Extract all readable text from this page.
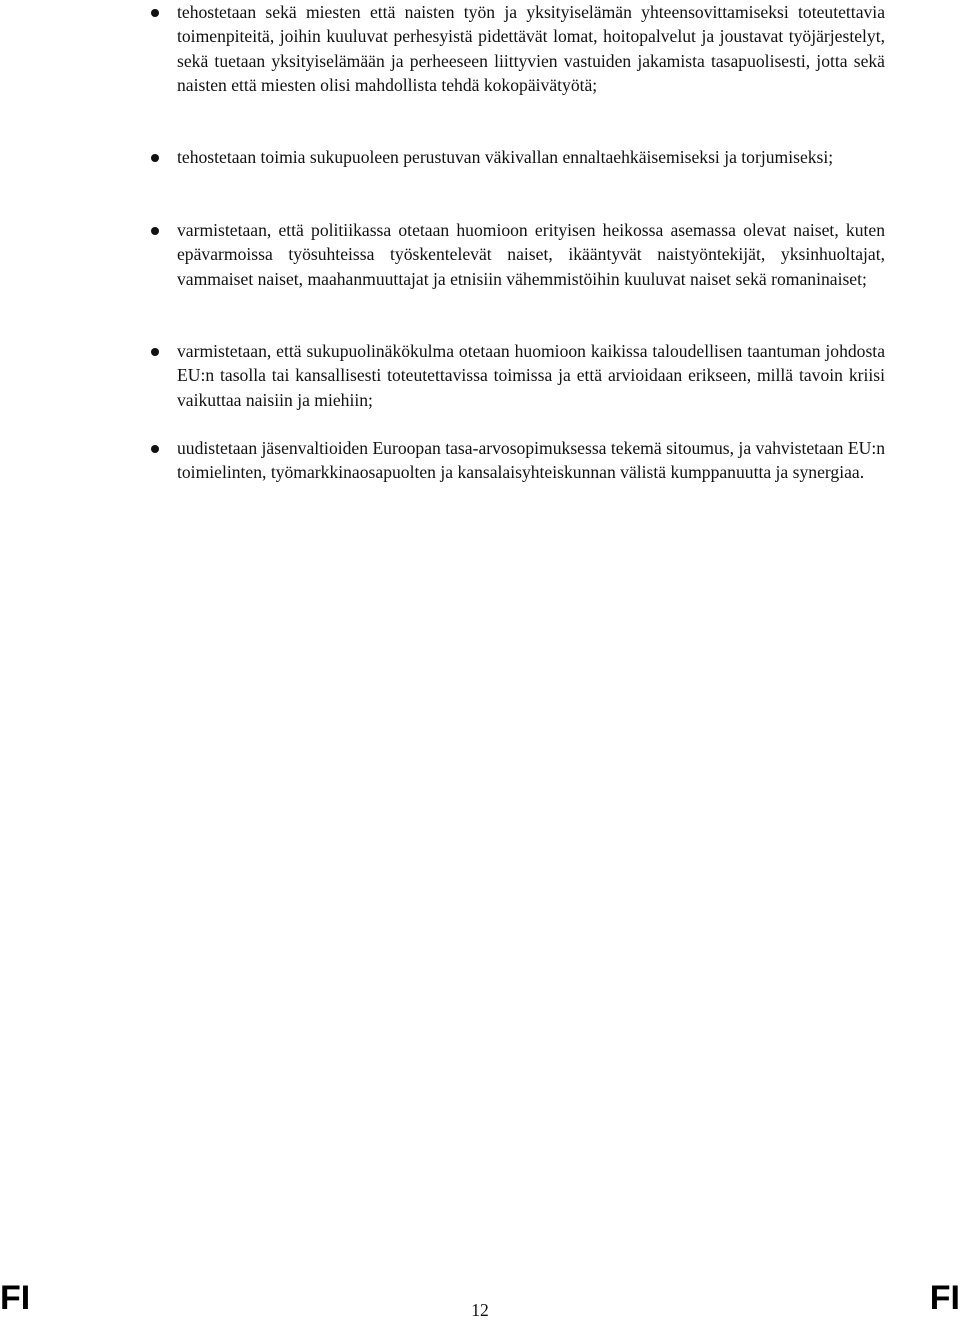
tehostetaan sekä miesten että naisten työn ja yksityiselämän yhteensovittamiseksi toteutettavia toimenpiteitä, joihin kuuluvat perhesyistä pidettävät lomat, hoitopalvelut ja joustavat työjärjestelyt, sekä tuetaan yksityiselämään ja perheeseen liittyvien vastuiden jakamista tasapuolisesti, jotta sekä naisten että miesten olisi mahdollista tehdä kokopäivätyötä;

tehostetaan toimia sukupuoleen perustuvan väkivallan ennaltaehkäisemiseksi ja torjumiseksi;

varmistetaan, että politiikassa otetaan huomioon erityisen heikossa asemassa olevat naiset, kuten epävarmoissa työsuhteissa työskentelevät naiset, ikääntyvät naistyöntekijät, yksinhuoltajat, vammaiset naiset, maahanmuuttajat ja etnisiin vähemmistöihin kuuluvat naiset sekä romaninaiset;

varmistetaan, että sukupuolinäkökulma otetaan huomioon kaikissa taloudellisen taantuman johdosta EU:n tasolla tai kansallisesti toteutettavissa toimissa ja että arvioidaan erikseen, millä tavoin kriisi vaikuttaa naisiin ja miehiin;

uudistetaan jäsenvaltioiden Euroopan tasa-arvosopimuksessa tekemä sitoumus, ja vahvistetaan EU:n toimielinten, työmarkkinaosapuolten ja kansalaisyhteiskunnan välistä kumppanuutta ja synergiaa.

FI	12	FI
